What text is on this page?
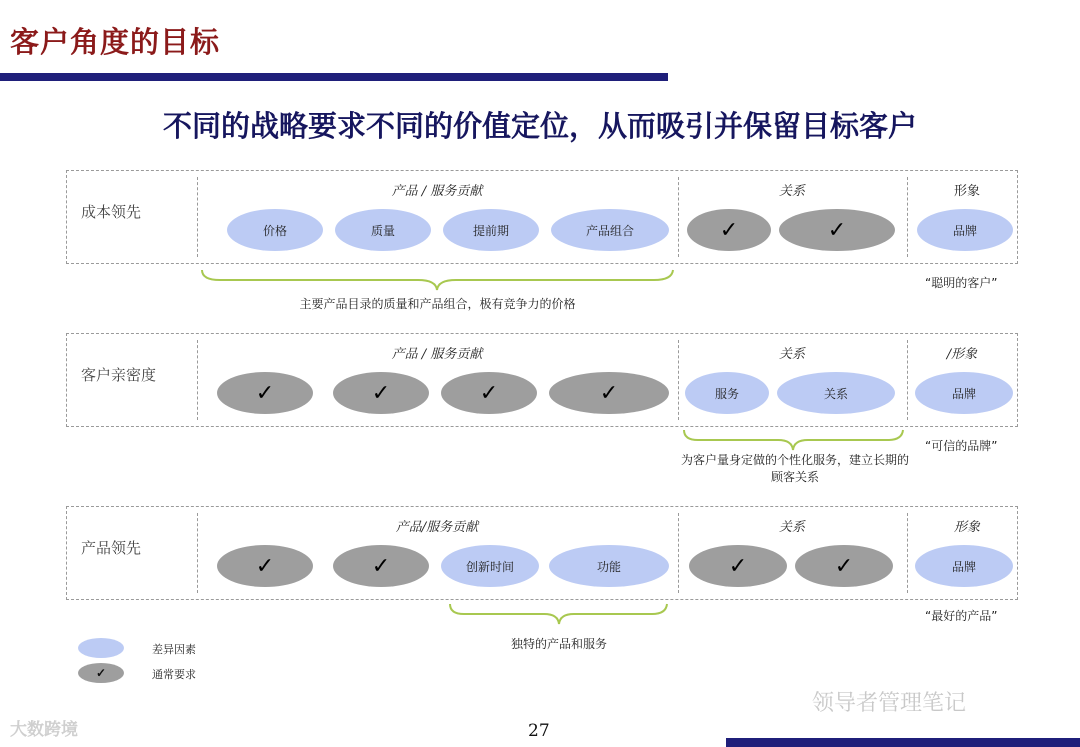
客户角度的目标
不同的战略要求不同的价值定位，从而吸引并保留目标客户
成本领先
产品 / 服务贡献	关系	形象
价格	质量	提前期	产品组合	✓	✓	品牌
主要产品目录的质量和产品组合，极有竞争力的价格
“聪明的客户”
客户亲密度
产品 / 服务贡献	关系	/形象
✓	✓	✓	✓	服务	关系	品牌
为客户量身定做的个性化服务，建立长期的
顾客关系
“可信的品牌”
产品领先
产品/服务贡献	关系	形象
✓	✓	创新时间	功能	✓	✓	品牌
独特的产品和服务
“最好的产品”
差异因素
✓	通常要求
大数跨境
领导者管理笔记
27
